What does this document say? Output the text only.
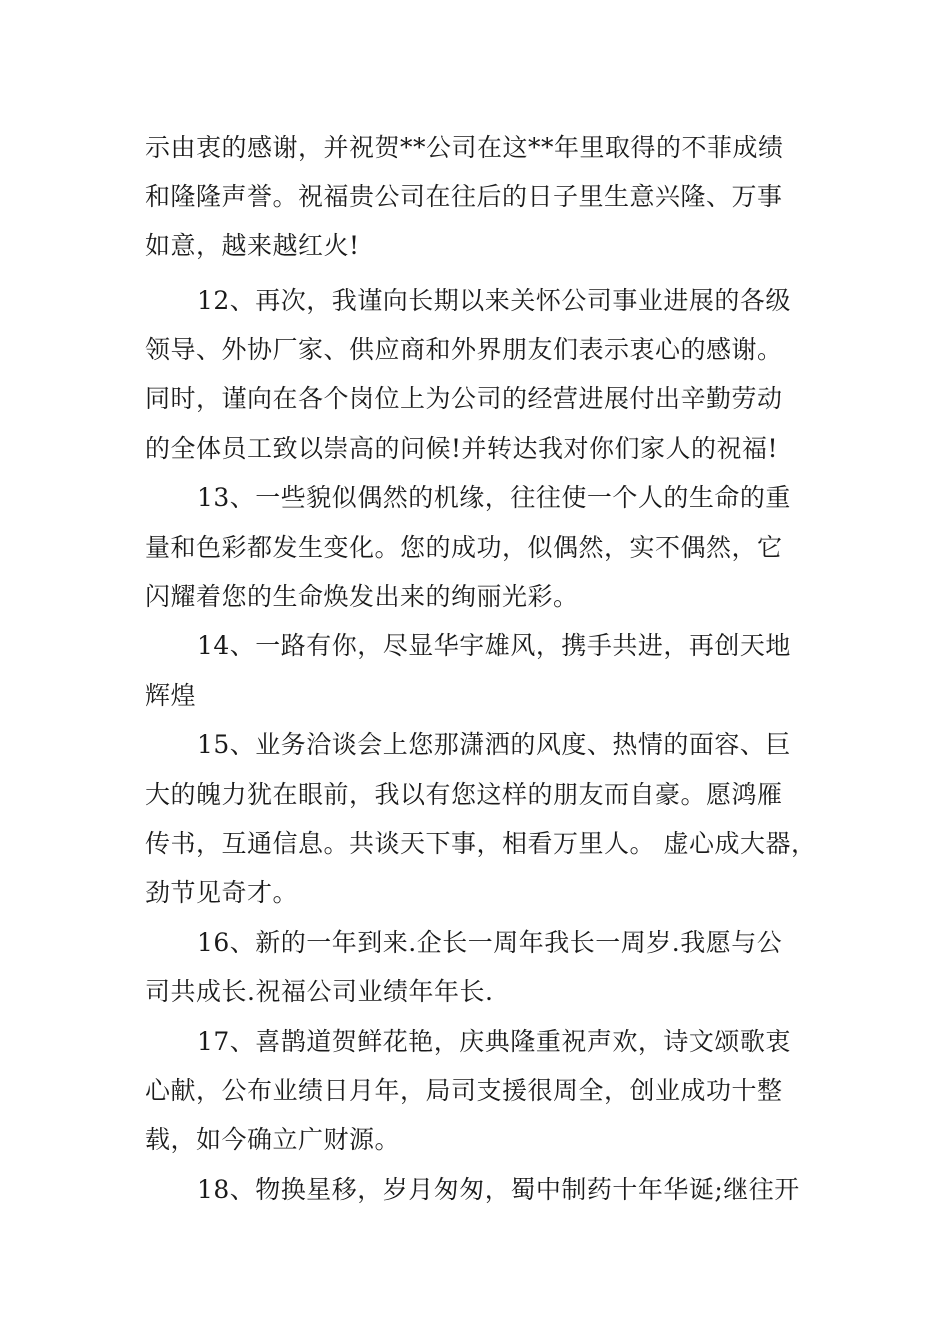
示由衷的感谢，并祝贺**公司在这**年里取得的不菲成绩

和隆隆声誉。祝福贵公司在往后的日子里生意兴隆、万事

如意，越来越红火!

12、再次，我谨向长期以来关怀公司事业进展的各级

领导、外协厂家、供应商和外界朋友们表示衷心的感谢。

同时，谨向在各个岗位上为公司的经营进展付出辛勤劳动

的全体员工致以崇高的问候!并转达我对你们家人的祝福!

13、一些貌似偶然的机缘，往往使一个人的生命的重

量和色彩都发生变化。您的成功，似偶然，实不偶然，它

闪耀着您的生命焕发出来的绚丽光彩。

14、一路有你，尽显华宇雄风，携手共进，再创天地

辉煌

15、业务洽谈会上您那潇洒的风度、热情的面容、巨

大的魄力犹在眼前，我以有您这样的朋友而自豪。愿鸿雁

传书，互通信息。共谈天下事，相看万里人。 虚心成大器，

劲节见奇才。

16、新的一年到来.企长一周年我长一周岁.我愿与公

司共成长.祝福公司业绩年年长.

17、喜鹊道贺鲜花艳，庆典隆重祝声欢，诗文颂歌衷

心献，公布业绩日月年，局司支援很周全，创业成功十整

载，如今确立广财源。

18、物换星移，岁月匆匆，蜀中制药十年华诞;继往开
